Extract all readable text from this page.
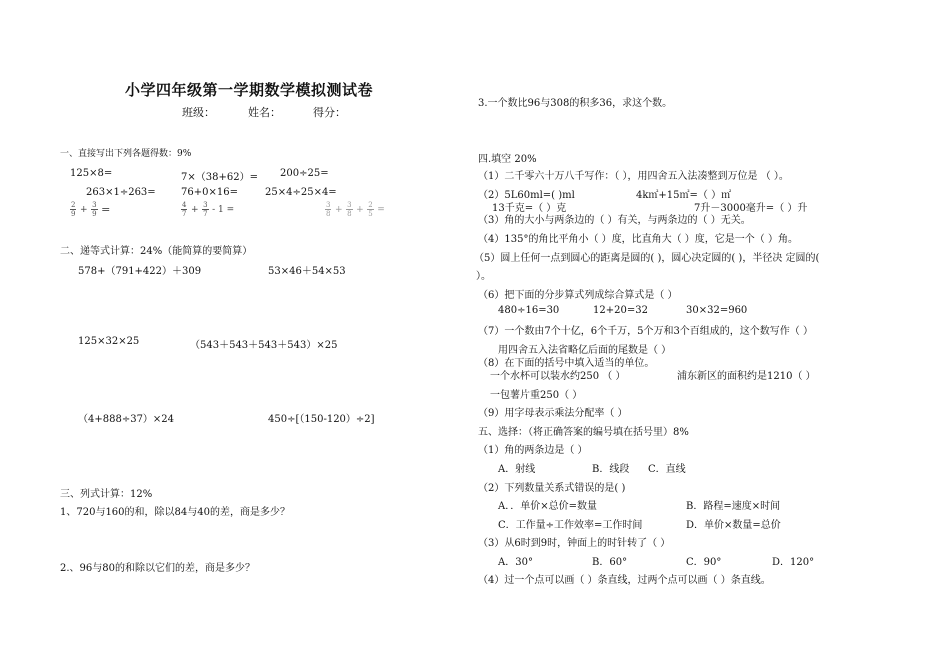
小学四年级第一学期数学模拟测试卷
班级：	姓名：	得分：
一、直接写出下列各题得数：9%
125×8=	7×（38+62）= 200÷25=
263×1÷263=	76+0×16=	25×4÷25×4=
$\frac{2}{9} + \frac{3}{9}$ =	$\frac{4}{7} + \frac{3}{7} - 1$ =	$\frac{3}{8} + \frac{3}{8} + \frac{2}{5}$ =
二、递等式计算：24%（能简算的要简算）
578+（791+422）＋309	53×46＋54×53
125×32×25	（543＋543＋543＋543）×25
（4+888÷37）×24	450÷[（150-120）÷2]
三、列式计算：12%
1、720与160的和，除以84与40的差，商是多少？
2.、96与80的和除以它们的差，商是多少？
3.一个数比96与308的积多36，求这个数。
四.填空 20%
（1）二千零六十万八千写作：（ ），用四舍五入法凑整到万位是 （ ）。
（2）5L60ml=( )ml	4k㎡+15㎡=（ ）㎡
13千克=（ ）克	7升－3000毫升=（ ）升
（3）角的大小与两条边的（ ）有关，与两条边的（ ）无关。
（4）135°的角比平角小（ ）度，比直角大（ ）度，它是一个（ ）角。
（5）圆上任何一点到圆心的距离是圆的( )，圆心决定圆的( )，半径决 定圆的(
）。
（6）把下面的分步算式列成综合算式是（ ）
480÷16=30	12+20=32	30×32=960
（7）一个数由7个十亿，6个千万，5个万和3个百组成的，这个数写作（ ）
用四舍五入法省略亿后面的尾数是（ ）
（8）在下面的括号中填入适当的单位。
一个水杯可以装水约250 （ ）	浦东新区的面积约是1210（ ）
一包薯片重250（ ）
（9）用字母表示乘法分配率（ ）
五、选择：（将正确答案的编号填在括号里）8%
（1）角的两条边是（ ）
A．射线	B．线段 C．直线
（2）下列数量关系式错误的是( )
A．．单价×总价=数量	B．路程=速度×时间
C．工作量÷工作效率=工作时间	D．单价×数量=总价
（3）从6时到9时，钟面上的时针转了（ ）
A．30°	B．60°	C．90°	D．120°
（4）过一个点可以画（ ）条直线，过两个点可以画（ ）条直线。
